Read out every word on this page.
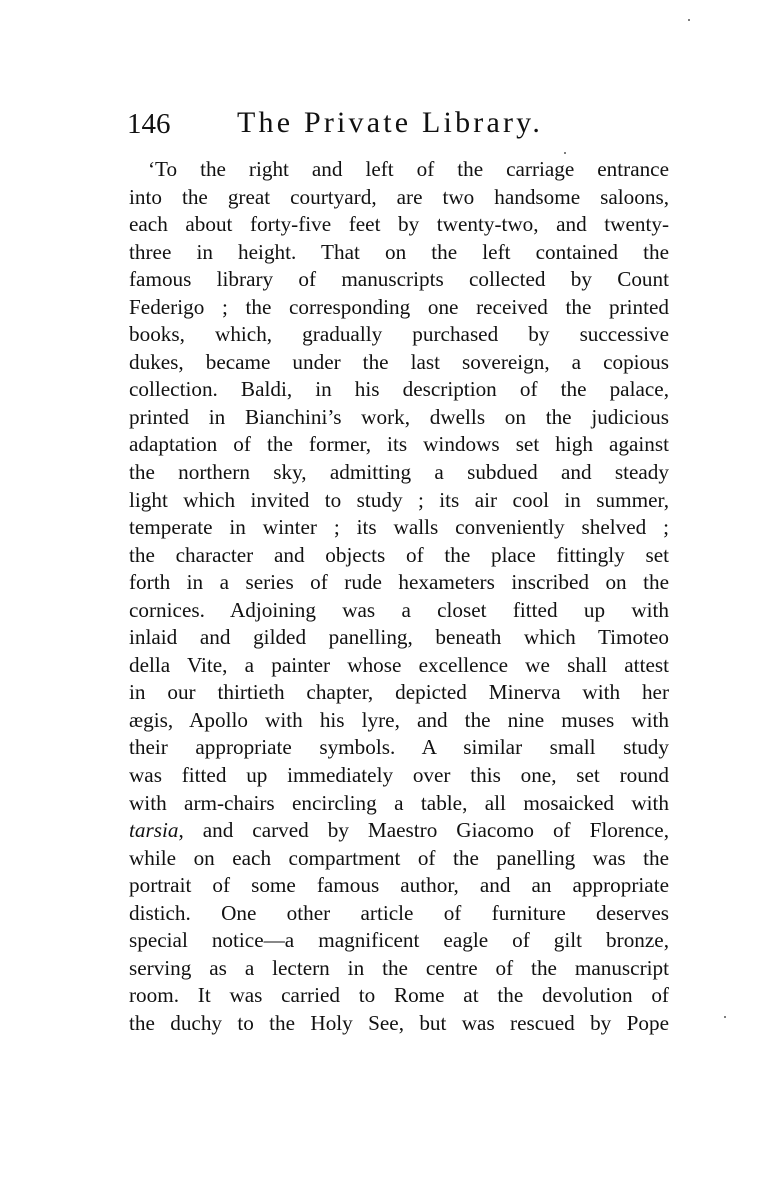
146 The Private Library.
‘To the right and left of the carriage entrance
into the great courtyard, are two handsome saloons,
each about forty-five feet by twenty-two, and twenty-
three in height. That on the left contained the
famous library of manuscripts collected by Count
Federigo ; the corresponding one received the printed
books, which, gradually purchased by successive
dukes, became under the last sovereign, a copious
collection. Baldi, in his description of the palace,
printed in Bianchini’s work, dwells on the judicious
adaptation of the former, its windows set high against
the northern sky, admitting a subdued and steady
light which invited to study ; its air cool in summer,
temperate in winter ; its walls conveniently shelved ;
the character and objects of the place fittingly set
forth in a series of rude hexameters inscribed on the
cornices. Adjoining was a closet fitted up with
inlaid and gilded panelling, beneath which Timoteo
della Vite, a painter whose excellence we shall attest
in our thirtieth chapter, depicted Minerva with her
ægis, Apollo with his lyre, and the nine muses with
their appropriate symbols. A similar small study
was fitted up immediately over this one, set round
with arm-chairs encircling a table, all mosaicked with
tarsia, and carved by Maestro Giacomo of Florence,
while on each compartment of the panelling was the
portrait of some famous author, and an appropriate
distich. One other article of furniture deserves
special notice—a magnificent eagle of gilt bronze,
serving as a lectern in the centre of the manuscript
room. It was carried to Rome at the devolution of
the duchy to the Holy See, but was rescued by Pope
